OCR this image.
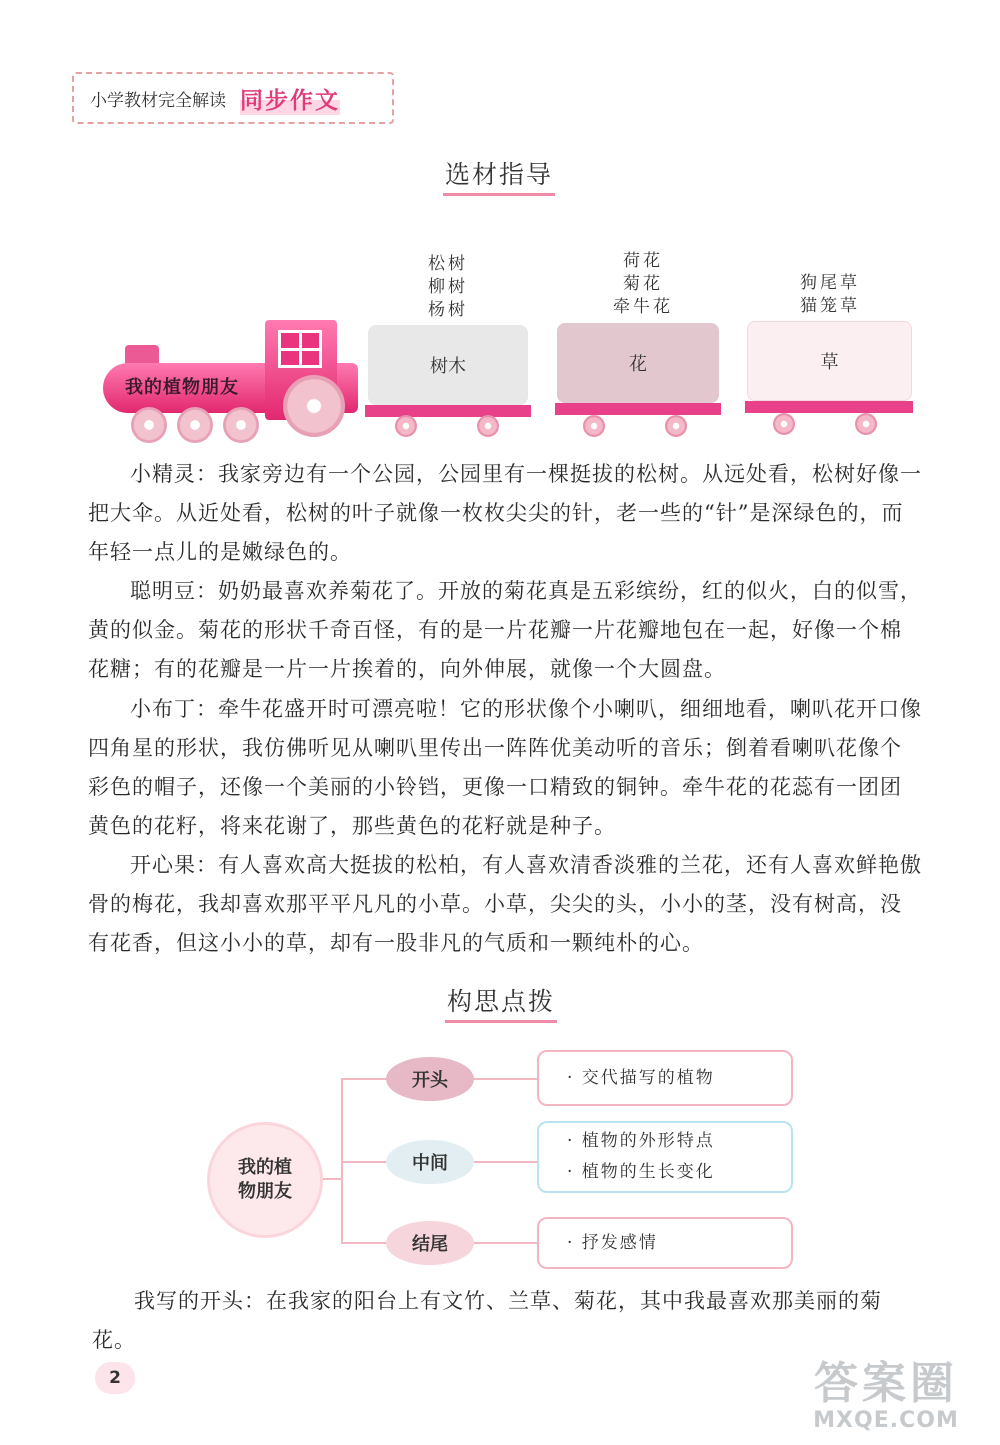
小学教材完全解读 同步作文
选材指导
松树
柳树
杨树
荷花
菊花
牵牛花
狗尾草
猫笼草
我的植物朋友
树木	花	草
小精灵：我家旁边有一个公园，公园里有一棵挺拔的松树。从远处看，松树好像一把大伞。从近处看，松树的叶子就像一枚枚尖尖的针，老一些的“针”是深绿色的，而年轻一点儿的是嫩绿色的。
聪明豆：奶奶最喜欢养菊花了。开放的菊花真是五彩缤纷，红的似火，白的似雪，黄的似金。菊花的形状千奇百怪，有的是一片花瓣一片花瓣地包在一起，好像一个棉花糖；有的花瓣是一片一片挨着的，向外伸展，就像一个大圆盘。
小布丁：牵牛花盛开时可漂亮啦！它的形状像个小喇叭，细细地看，喇叭花开口像四角星的形状，我仿佛听见从喇叭里传出一阵阵优美动听的音乐；倒着看喇叭花像个彩色的帽子，还像一个美丽的小铃铛，更像一口精致的铜钟。牵牛花的花蕊有一团团黄色的花籽，将来花谢了，那些黄色的花籽就是种子。
开心果：有人喜欢高大挺拔的松柏，有人喜欢清香淡雅的兰花，还有人喜欢鲜艳傲骨的梅花，我却喜欢那平平凡凡的小草。小草，尖尖的头，小小的茎，没有树高，没有花香，但这小小的草，却有一股非凡的气质和一颗纯朴的心。
构思点拨
我的植
物朋友
开头
中间
结尾
· 交代描写的植物
· 植物的外形特点
· 植物的生长变化
· 抒发感情
我写的开头：在我家的阳台上有文竹、兰草、菊花，其中我最喜欢那美丽的菊花。
2	答案圈
MXQE.COM
